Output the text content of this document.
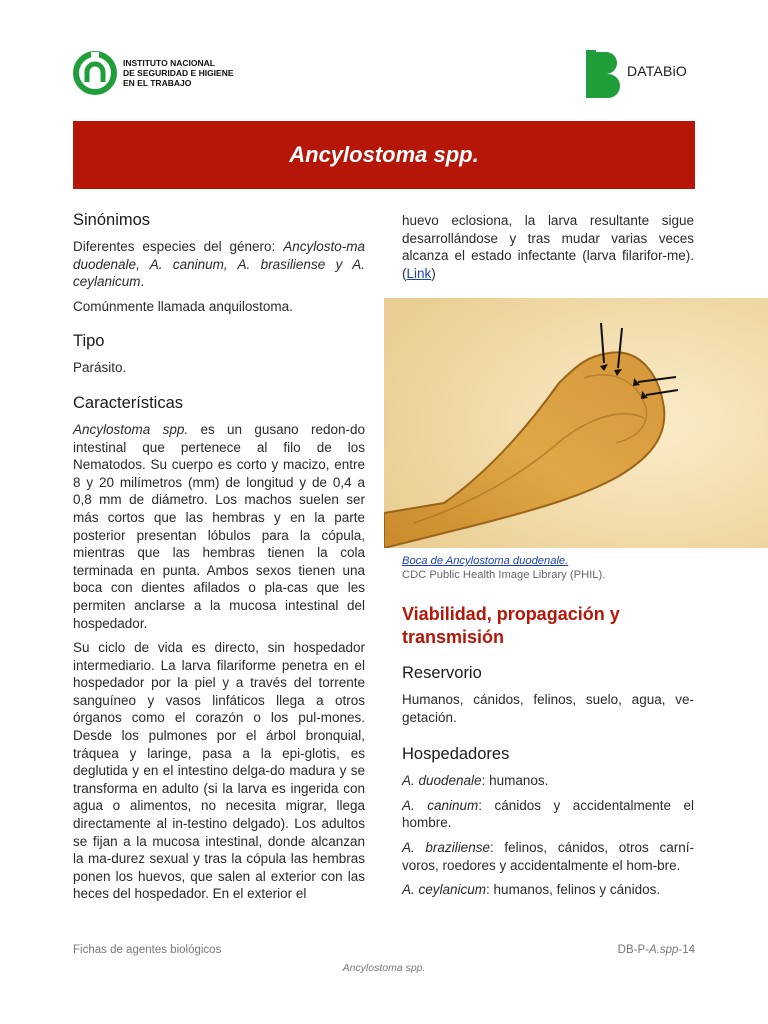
INSTITUTO NACIONAL
DE SEGURIDAD E HIGIENE
EN EL TRABAJO
DATABiO
Ancylostoma spp.
Sinónimos

Diferentes especies del género: Ancylosto-ma duodenale, A. caninum, A. brasiliense y A. ceylanicum.

Comúnmente llamada anquilostoma.

Tipo

Parásito.

Características

Ancylostoma spp. es un gusano redon-do intestinal que pertenece al filo de los Nematodos. Su cuerpo es corto y macizo, entre 8 y 20 milímetros (mm) de longitud y de 0,4 a 0,8 mm de diámetro. Los machos suelen ser más cortos que las hembras y en la parte posterior presentan lóbulos para la cópula, mientras que las hembras tienen la cola terminada en punta. Ambos sexos tienen una boca con dientes afilados o pla-cas que les permiten anclarse a la mucosa intestinal del hospedador.

Su ciclo de vida es directo, sin hospedador intermediario. La larva filariforme penetra en el hospedador por la piel y a través del torrente sanguíneo y vasos linfáticos llega a otros órganos como el corazón o los pul-mones. Desde los pulmones por el árbol bronquial, tráquea y laringe, pasa a la epi-glotis, es deglutida y en el intestino delga-do madura y se transforma en adulto (si la larva es ingerida con agua o alimentos, no necesita migrar, llega directamente al in-testino delgado). Los adultos se fijan a la mucosa intestinal, donde alcanzan la ma-durez sexual y tras la cópula las hembras ponen los huevos, que salen al exterior con las heces del hospedador. En el exterior el

huevo eclosiona, la larva resultante sigue desarrollándose y tras mudar varias veces alcanza el estado infectante (larva filarifor-me). (Link)

Boca de Ancylostoma duodenale.
CDC Public Health Image Library (PHIL).
Viabilidad, propagación y transmisión
Reservorio

Humanos, cánidos, felinos, suelo, agua, ve-getación.

Hospedadores

A. duodenale: humanos.

A. caninum: cánidos y accidentalmente el hombre.

A. braziliense: felinos, cánidos, otros carní-voros, roedores y accidentalmente el hom-bre.

A. ceylanicum: humanos, felinos y cánidos.

Fichas de agentes biológicos	DB-P-A.spp-14
Ancylostoma spp.
